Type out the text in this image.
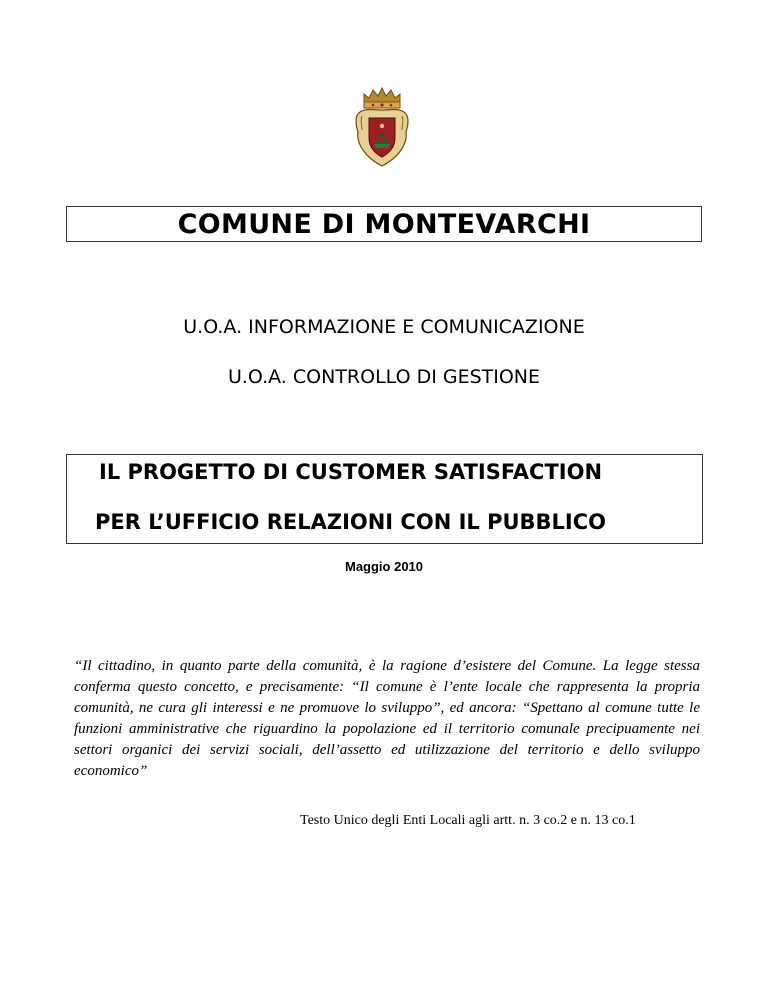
COMUNE DI MONTEVARCHI
U.O.A. INFORMAZIONE E COMUNICAZIONE
U.O.A. CONTROLLO DI GESTIONE
IL PROGETTO DI CUSTOMER SATISFACTION
PER L’UFFICIO RELAZIONI CON IL PUBBLICO
Maggio 2010

“Il cittadino, in quanto parte della comunità, è la ragione d’esistere del Comune. La legge stessa conferma questo concetto, e precisamente: “Il comune è l’ente locale che rappresenta la propria comunità, ne cura gli interessi e ne promuove lo sviluppo”, ed ancora: “Spettano al comune tutte le funzioni amministrative che riguardino la popolazione ed il territorio comunale precipuamente nei settori organici dei servizi sociali, dell’assetto ed utilizzazione del territorio e dello sviluppo economico”

Testo Unico degli Enti Locali agli artt. n. 3 co.2 e n. 13 co.1
